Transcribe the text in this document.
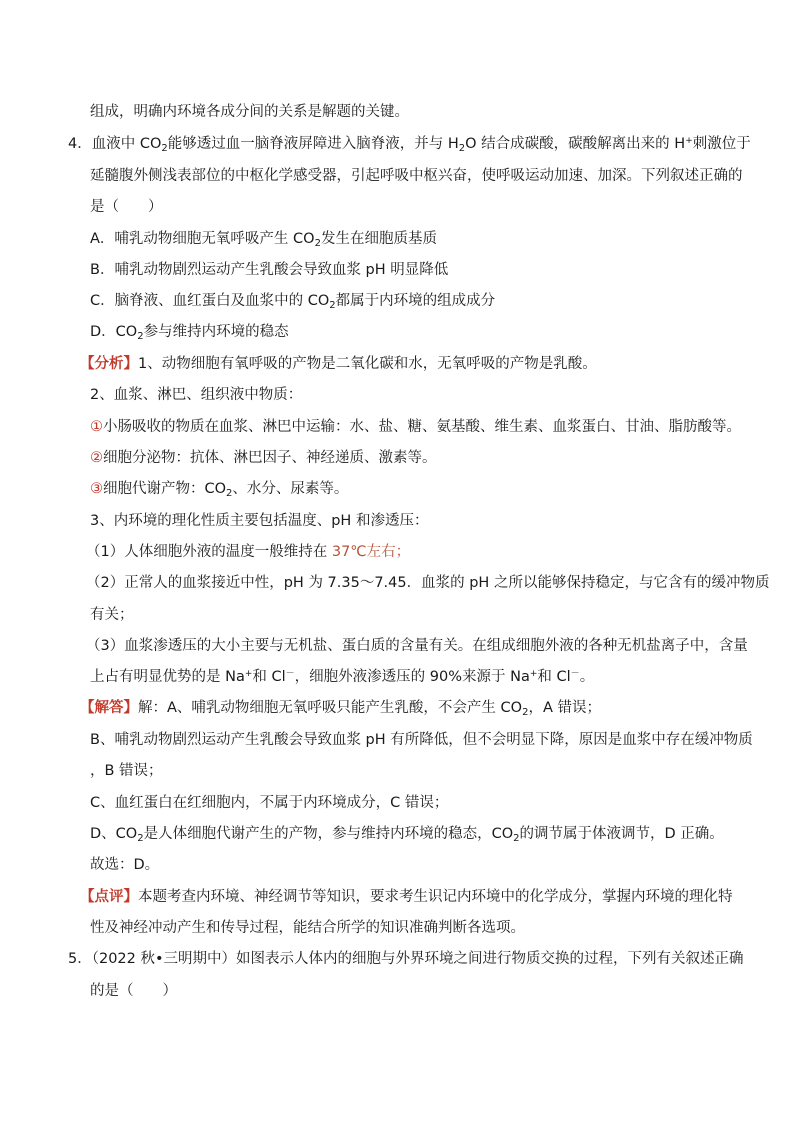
组成，明确内环境各成分间的关系是解题的关键。
4．血液中 $CO_2$能够透过血一脑脊液屏障进入脑脊液，并与 $H_2O$ 结合成碳酸，碳酸解离出来的 H+刺激位于
延髓腹外侧浅表部位的中枢化学感受器，引起呼吸中枢兴奋，使呼吸运动加速、加深。下列叙述正确的
是（　　）
A．哺乳动物细胞无氧呼吸产生 $CO_2$发生在细胞质基质
B．哺乳动物剧烈运动产生乳酸会导致血浆 pH 明显降低
C．脑脊液、血红蛋白及血浆中的 $CO_2$都属于内环境的组成成分
D．$CO_2$参与维持内环境的稳态
【分析】1、动物细胞有氧呼吸的产物是二氧化碳和水，无氧呼吸的产物是乳酸。
2、血浆、淋巴、组织液中物质：
①小肠吸收的物质在血浆、淋巴中运输：水、盐、糖、氨基酸、维生素、血浆蛋白、甘油、脂肪酸等。
②细胞分泌物：抗体、淋巴因子、神经递质、激素等。
③细胞代谢产物：$CO_2$、水分、尿素等。
3、内环境的理化性质主要包括温度、pH 和渗透压：
（1）人体细胞外液的温度一般维持在 37℃左右；
（2）正常人的血浆接近中性，pH 为 7.35～7.45．血浆的 pH 之所以能够保持稳定，与它含有的缓冲物质
有关；
（3）血浆渗透压的大小主要与无机盐、蛋白质的含量有关。在组成细胞外液的各种无机盐离子中，含量
上占有明显优势的是 Na+和 Cl－，细胞外液渗透压的 90%来源于 Na+和 Cl－。
【解答】解：A、哺乳动物细胞无氧呼吸只能产生乳酸，不会产生 $CO_2$，A 错误；
B、哺乳动物剧烈运动产生乳酸会导致血浆 pH 有所降低，但不会明显下降，原因是血浆中存在缓冲物质
，B 错误；
C、血红蛋白在红细胞内，不属于内环境成分，C 错误；
D、$CO_2$是人体细胞代谢产生的产物，参与维持内环境的稳态，$CO_2$的调节属于体液调节，D 正确。
故选：D。
【点评】本题考查内环境、神经调节等知识，要求考生识记内环境中的化学成分，掌握内环境的理化特
性及神经冲动产生和传导过程，能结合所学的知识准确判断各选项。
5．（2022 秋•三明期中）如图表示人体内的细胞与外界环境之间进行物质交换的过程，下列有关叙述正确
的是（　　）
